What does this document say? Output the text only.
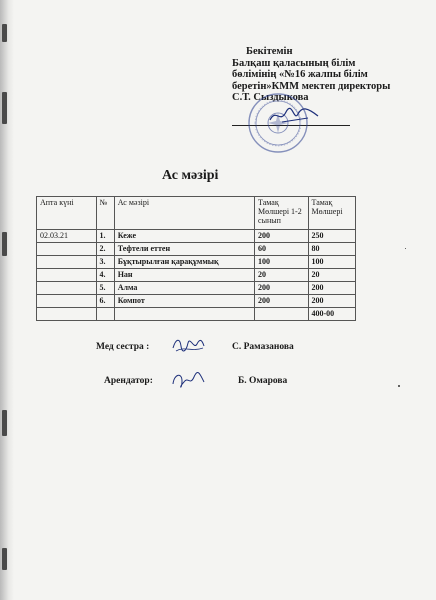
Бекітемін
Балқаш қаласының білім бөлімінің «№16 жалпы білім беретін»КММ мектеп директоры
С.Т. Сыздыкова
Ас мәзірі
Апта күні	№	Ас мәзірі	Тамақ Мөлшері 1-2 сынып	Тамақ Мөлшері
02.03.21	1.	Кеже	200	250
	2.	Тефтели еттен	60	80
	3.	Бұқтырылған қарақұммық	100	100
	4.	Нан	20	20
	5.	Алма	200	200
	6.	Компот	200	200
				400-00
Мед сестра :	С. Рамазанова
Арендатор:	Б. Омарова
